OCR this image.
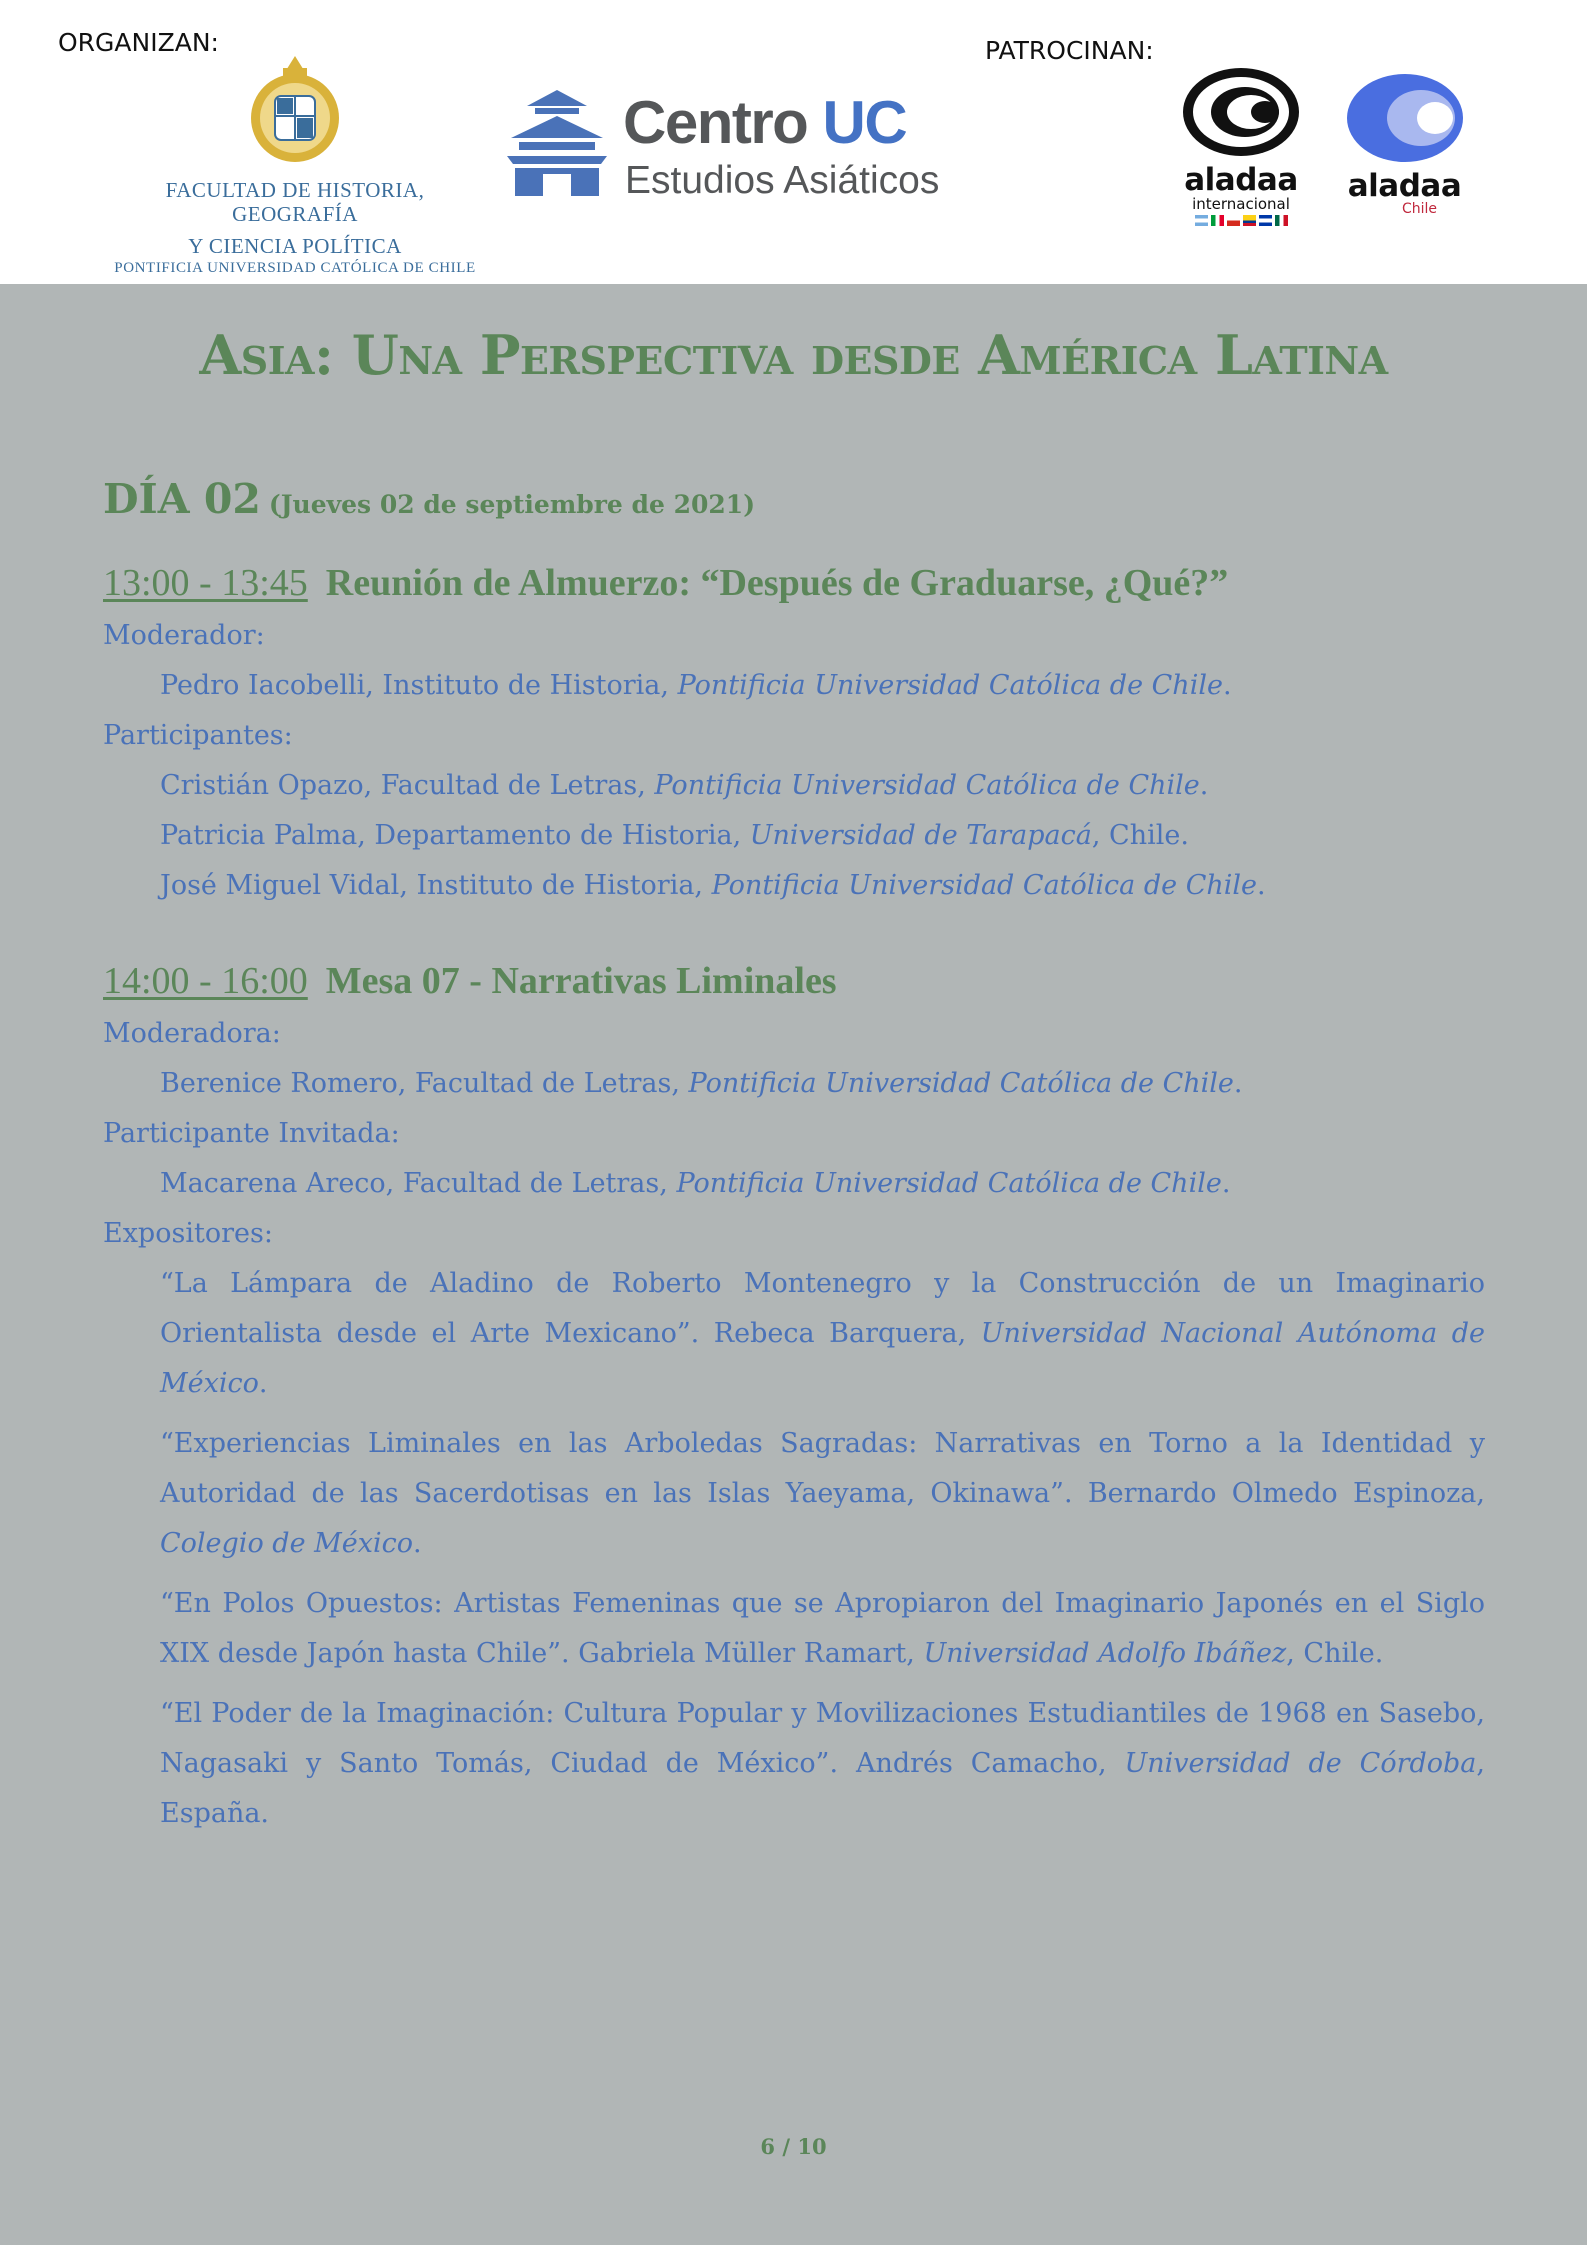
ORGANIZAN:	PATROCINAN:
FACULTAD DE HISTORIA, GEOGRAFÍA
Y CIENCIA POLÍTICA
PONTIFICIA UNIVERSIDAD CATÓLICA DE CHILE
Centro UC
Estudios Asiáticos	aladaa
internacional	aladaa
Chile
Asia: Una Perspectiva desde América Latina
DÍA 02 (Jueves 02 de septiembre de 2021)
13:00 - 13:45 Reunión de Almuerzo: “Después de Graduarse, ¿Qué?”
Moderador:
Pedro Iacobelli, Instituto de Historia, Pontificia Universidad Católica de Chile.
Participantes:
Cristián Opazo, Facultad de Letras, Pontificia Universidad Católica de Chile.
Patricia Palma, Departamento de Historia, Universidad de Tarapacá, Chile.
José Miguel Vidal, Instituto de Historia, Pontificia Universidad Católica de Chile.
14:00 - 16:00 Mesa 07 - Narrativas Liminales
Moderadora:
Berenice Romero, Facultad de Letras, Pontificia Universidad Católica de Chile.
Participante Invitada:
Macarena Areco, Facultad de Letras, Pontificia Universidad Católica de Chile.
Expositores:
“La Lámpara de Aladino de Roberto Montenegro y la Construcción de un Imaginario Orientalista desde el Arte Mexicano”. Rebeca Barquera, Universidad Nacional Autónoma de México.
“Experiencias Liminales en las Arboledas Sagradas: Narrativas en Torno a la Identidad y Autoridad de las Sacerdotisas en las Islas Yaeyama, Okinawa”. Bernardo Olmedo Espinoza, Colegio de México.
“En Polos Opuestos: Artistas Femeninas que se Apropiaron del Imaginario Japonés en el Siglo XIX desde Japón hasta Chile”. Gabriela Müller Ramart, Universidad Adolfo Ibáñez, Chile.
“El Poder de la Imaginación: Cultura Popular y Movilizaciones Estudiantiles de 1968 en Sasebo, Nagasaki y Santo Tomás, Ciudad de México”. Andrés Camacho, Universidad de Córdoba, España.
6 / 10
